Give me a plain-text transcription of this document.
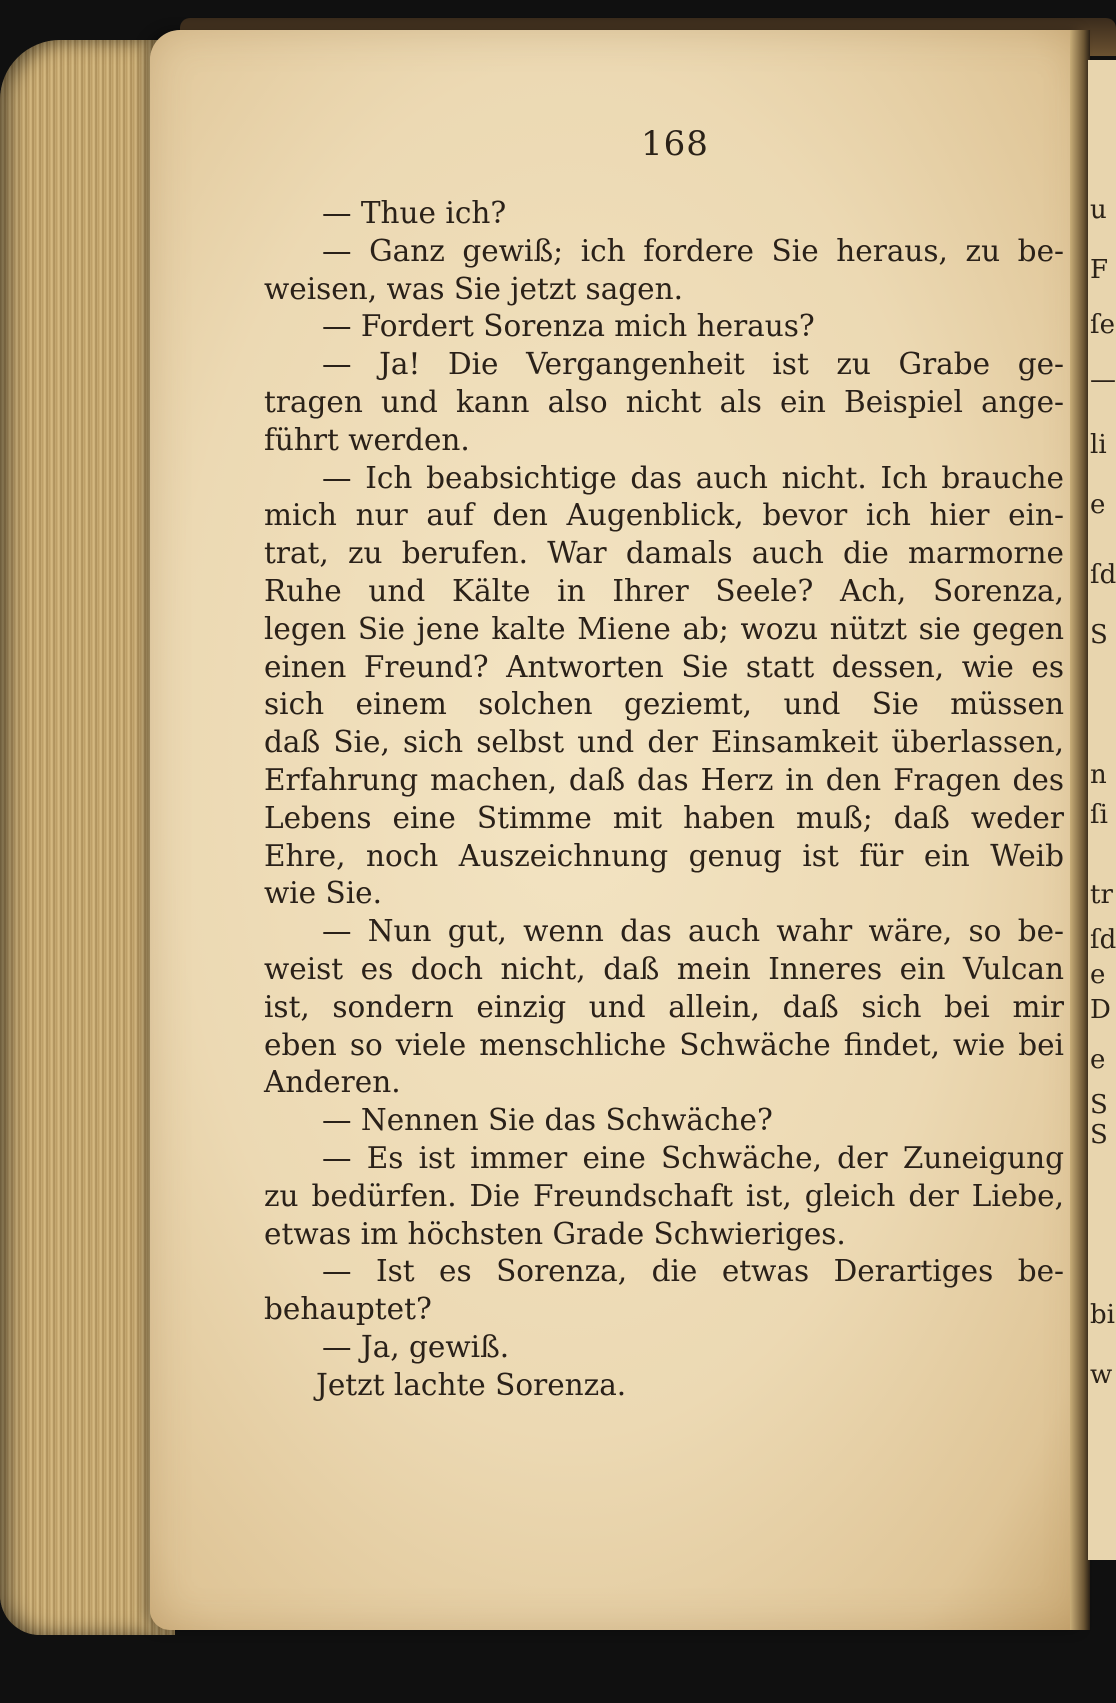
u
F
ſe
—
li
e
ſd
S
n
ſi
tr
ſd
e
D
e
S
S
bi
w
168
— Thue ich?
— Ganz gewiß; ich fordere Sie heraus, zu be-
weisen, was Sie jetzt sagen.
— Fordert Sorenza mich heraus?
— Ja! Die Vergangenheit ist zu Grabe ge-
tragen und kann also nicht als ein Beispiel ange-
führt werden.
— Ich beabsichtige das auch nicht. Ich brauche
mich nur auf den Augenblick, bevor ich hier ein-
trat, zu berufen. War damals auch die marmorne
Ruhe und Kälte in Ihrer Seele? Ach, Sorenza,
legen Sie jene kalte Miene ab; wozu nützt sie gegen
einen Freund? Antworten Sie statt dessen, wie es
sich einem solchen geziemt, und Sie müssen
daß Sie, sich selbst und der Einsamkeit überlassen,
Erfahrung machen, daß das Herz in den Fragen des
Lebens eine Stimme mit haben muß; daß weder
Ehre, noch Auszeichnung genug ist für ein Weib
wie Sie.
— Nun gut, wenn das auch wahr wäre, so be-
weist es doch nicht, daß mein Inneres ein Vulcan
ist, sondern einzig und allein, daß sich bei mir
eben so viele menschliche Schwäche findet, wie bei
Anderen.
— Nennen Sie das Schwäche?
— Es ist immer eine Schwäche, der Zuneigung
zu bedürfen. Die Freundschaft ist, gleich der Liebe,
etwas im höchsten Grade Schwieriges.
— Ist es Sorenza, die etwas Derartiges be-
behauptet?
— Ja, gewiß.
Jetzt lachte Sorenza.
